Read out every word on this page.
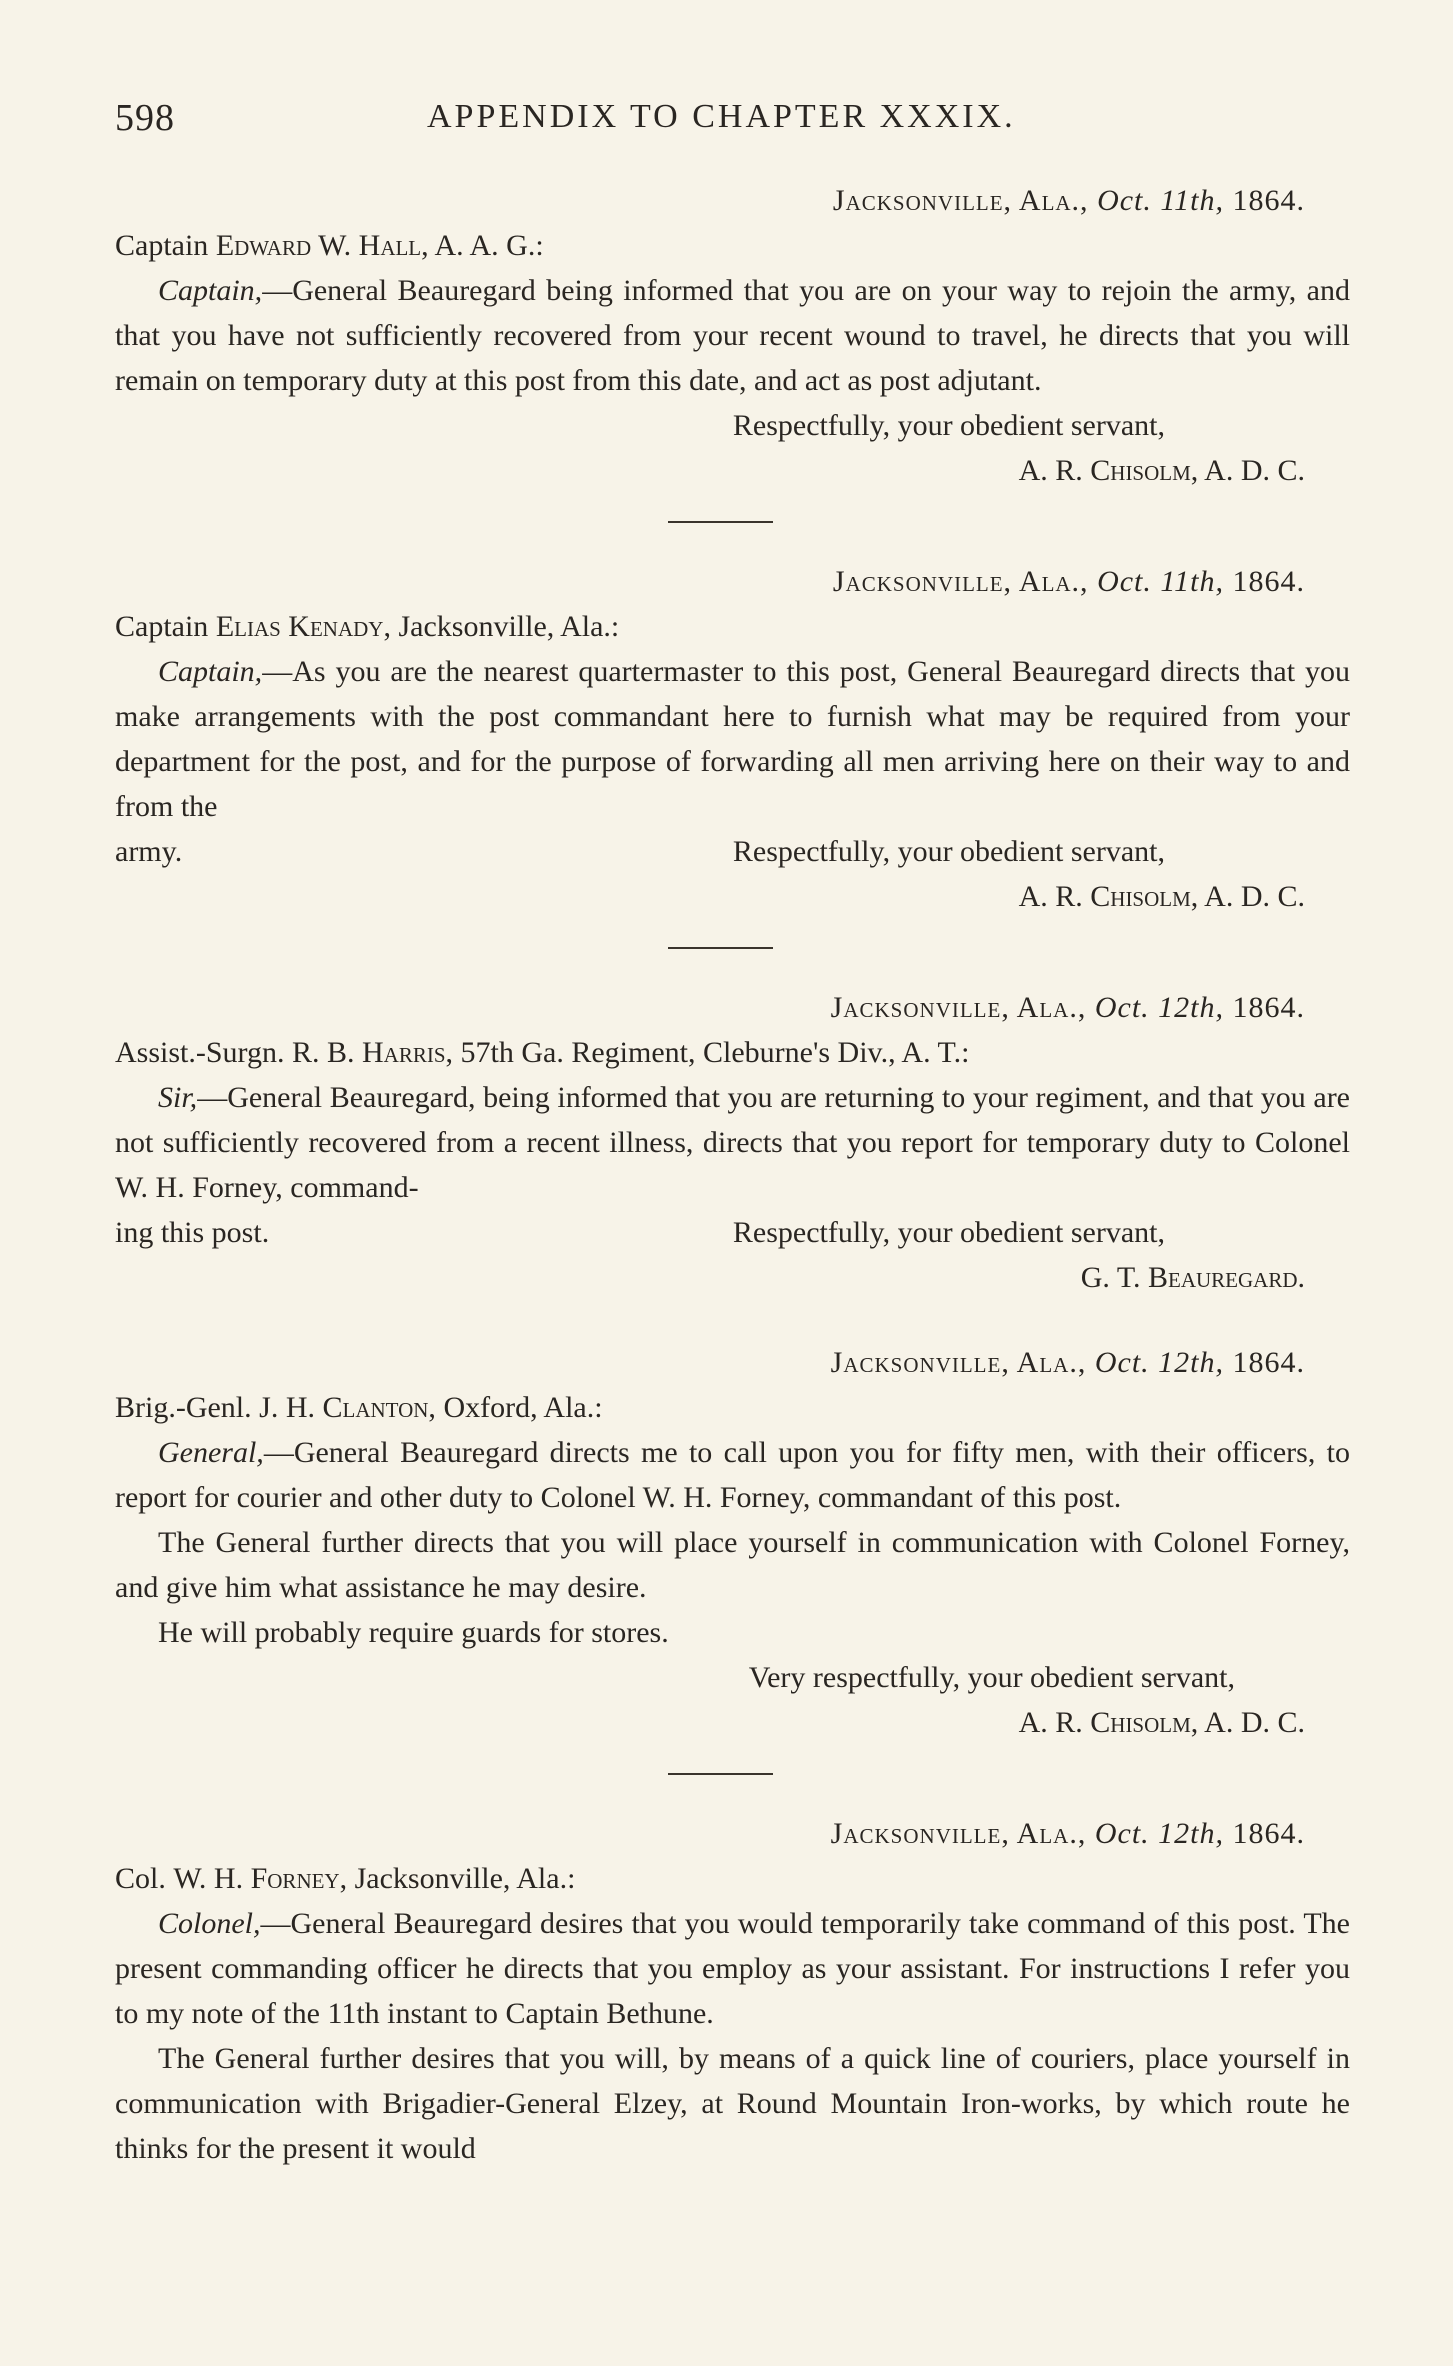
598	APPENDIX TO CHAPTER XXXIX.
Jacksonville, Ala., Oct. 11th, 1864.
Captain Edward W. Hall, A. A. G.:
Captain,—General Beauregard being informed that you are on your way to rejoin the army, and that you have not sufficiently recovered from your recent wound to travel, he directs that you will remain on temporary duty at this post from this date, and act as post adjutant.
Respectfully, your obedient servant,
A. R. Chisolm, A. D. C.
Jacksonville, Ala., Oct. 11th, 1864.
Captain Elias Kenady, Jacksonville, Ala.:
Captain,—As you are the nearest quartermaster to this post, General Beauregard directs that you make arrangements with the post commandant here to furnish what may be required from your department for the post, and for the purpose of forwarding all men arriving here on their way to and from the
army.	Respectfully, your obedient servant,
A. R. Chisolm, A. D. C.
Jacksonville, Ala., Oct. 12th, 1864.
Assist.-Surgn. R. B. Harris, 57th Ga. Regiment, Cleburne's Div., A. T.:
Sir,—General Beauregard, being informed that you are returning to your regiment, and that you are not sufficiently recovered from a recent illness, directs that you report for temporary duty to Colonel W. H. Forney, command-
ing this post.	Respectfully, your obedient servant,
G. T. Beauregard.
Jacksonville, Ala., Oct. 12th, 1864.
Brig.-Genl. J. H. Clanton, Oxford, Ala.:
General,—General Beauregard directs me to call upon you for fifty men, with their officers, to report for courier and other duty to Colonel W. H. Forney, commandant of this post.
The General further directs that you will place yourself in communication with Colonel Forney, and give him what assistance he may desire.
He will probably require guards for stores.
Very respectfully, your obedient servant,
A. R. Chisolm, A. D. C.
Jacksonville, Ala., Oct. 12th, 1864.
Col. W. H. Forney, Jacksonville, Ala.:
Colonel,—General Beauregard desires that you would temporarily take command of this post. The present commanding officer he directs that you employ as your assistant. For instructions I refer you to my note of the 11th instant to Captain Bethune.
The General further desires that you will, by means of a quick line of couriers, place yourself in communication with Brigadier-General Elzey, at Round Mountain Iron-works, by which route he thinks for the present it would
